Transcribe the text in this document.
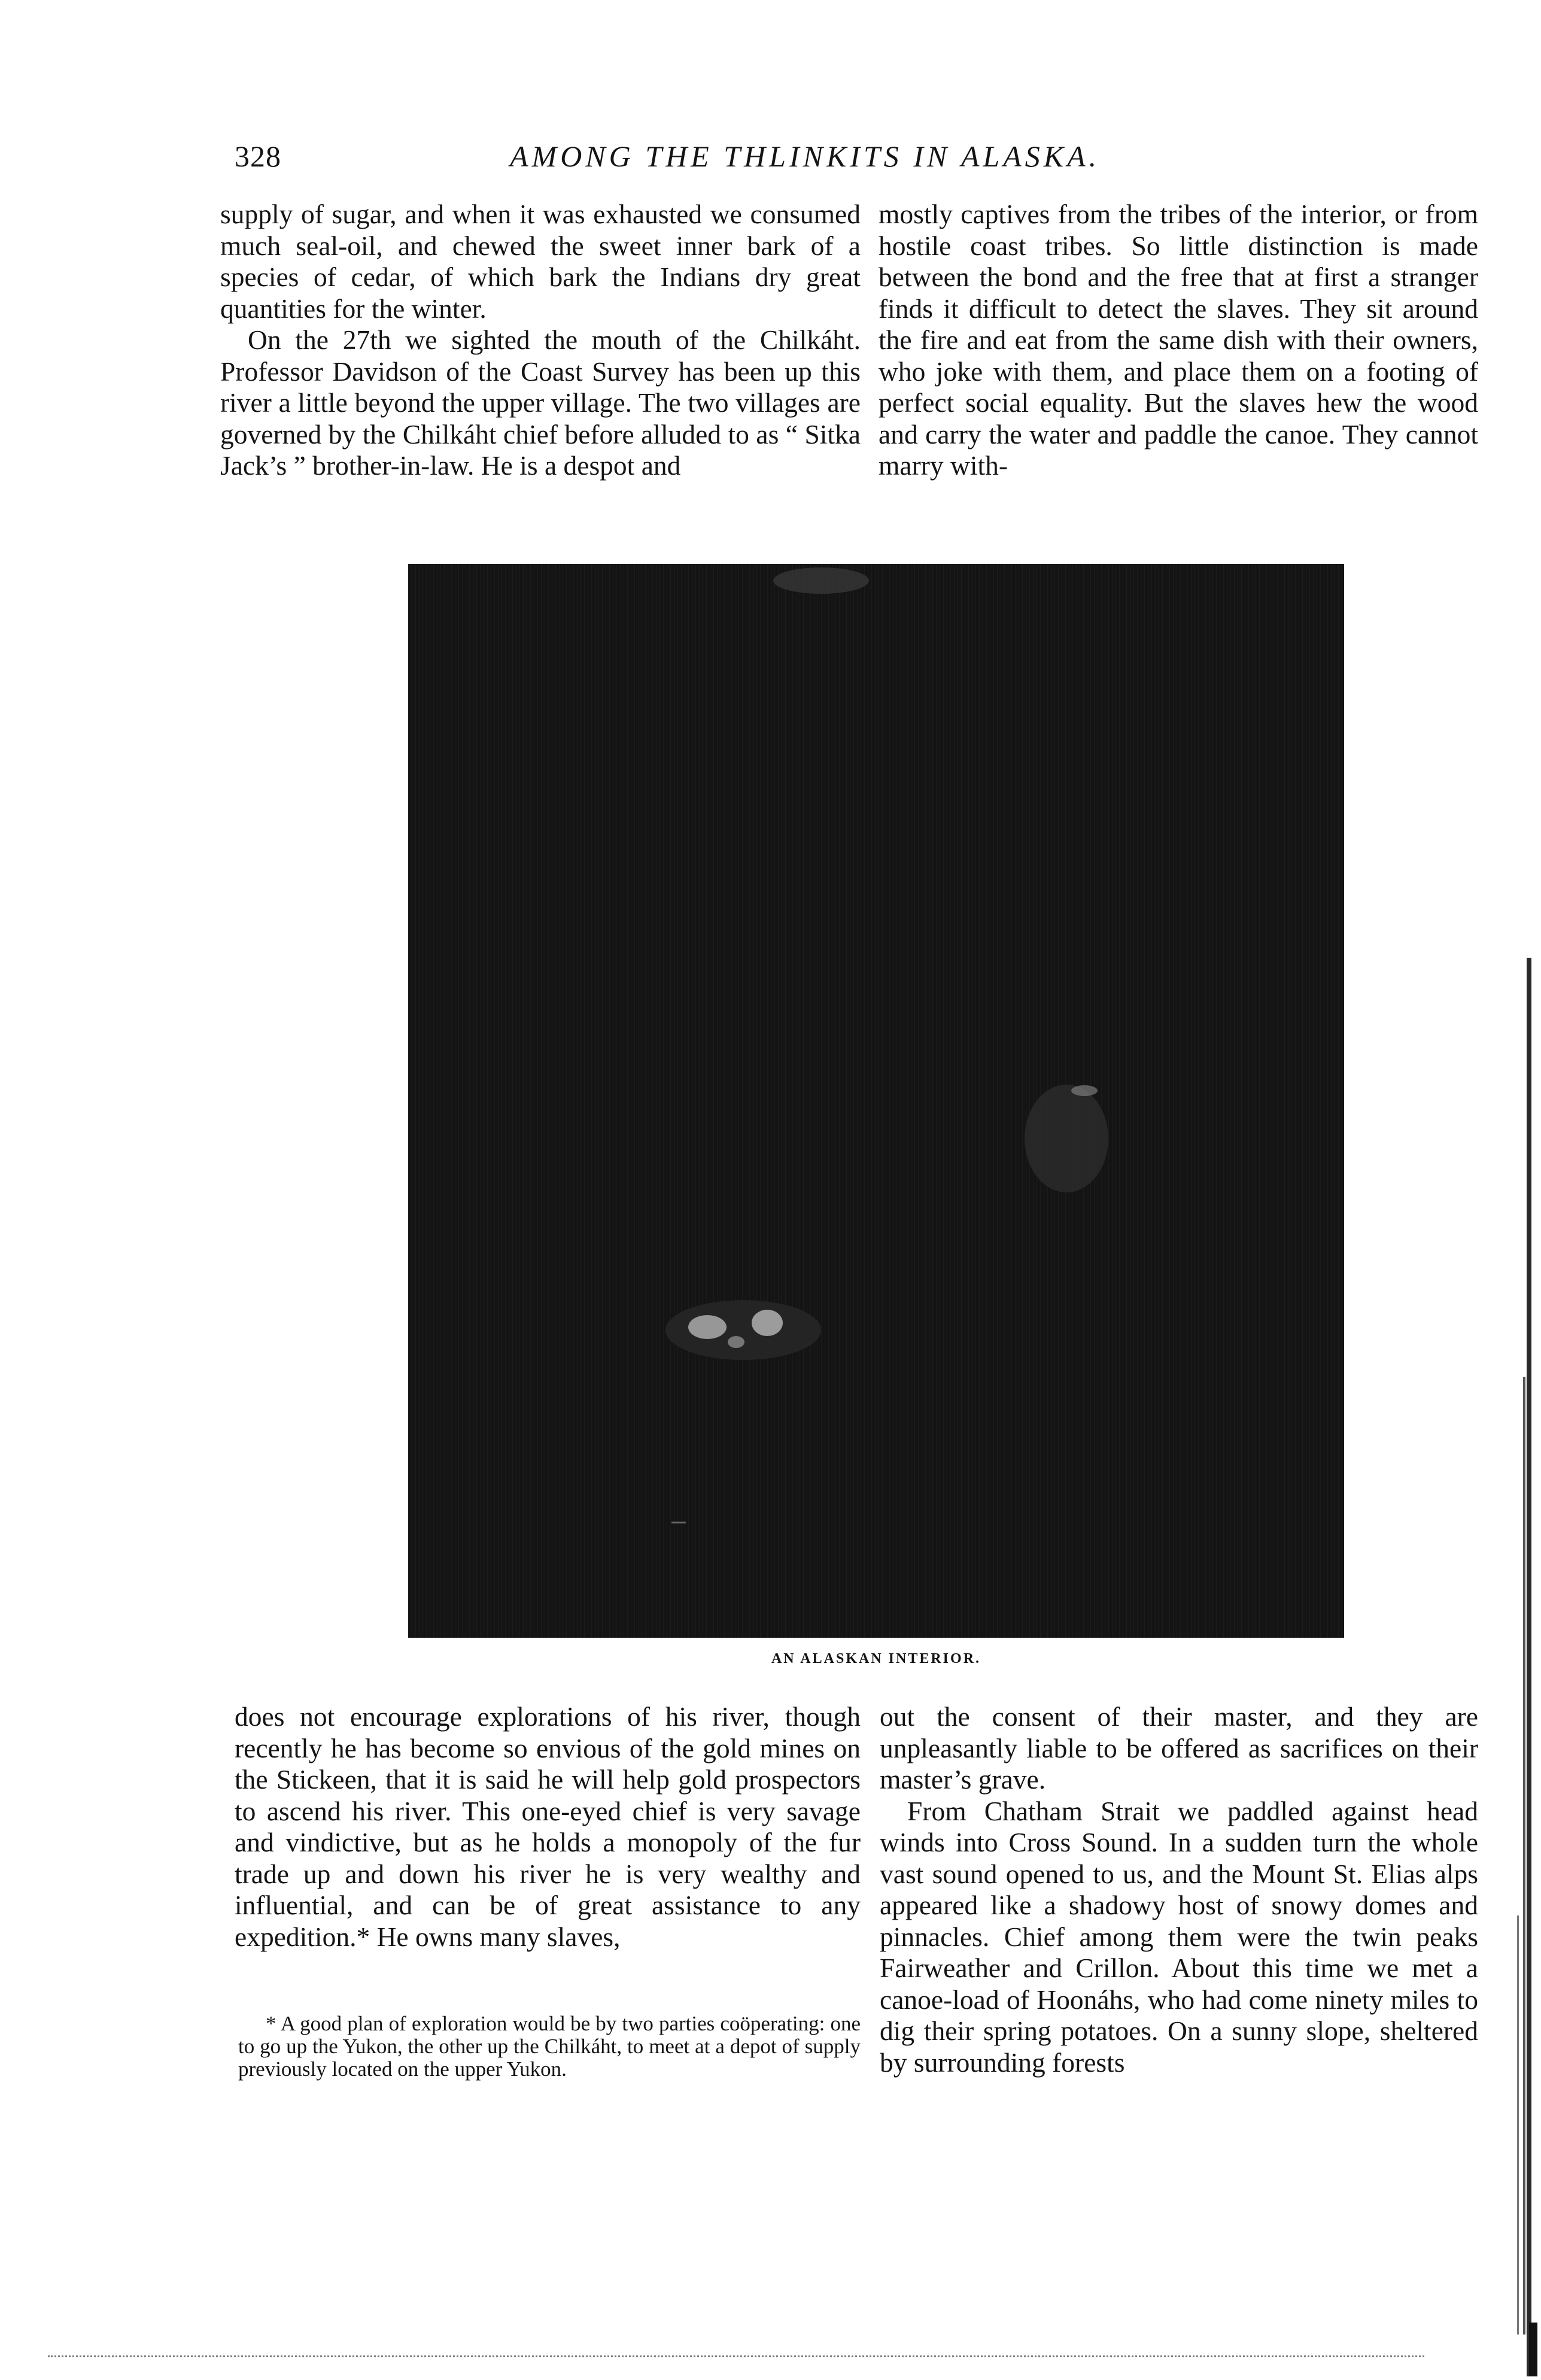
328	AMONG THE THLINKITS IN ALASKA.

supply of sugar, and when it was exhausted we consumed much seal-oil, and chewed the sweet inner bark of a species of cedar, of which bark the Indians dry great quantities for the winter.

On the 27th we sighted the mouth of the Chilkáht. Professor Davidson of the Coast Survey has been up this river a little beyond the upper village. The two villages are governed by the Chilkáht chief before alluded to as “ Sitka Jack’s ” brother-in-law. He is a despot and

mostly captives from the tribes of the interior, or from hostile coast tribes. So little distinction is made between the bond and the free that at first a stranger finds it difficult to detect the slaves. They sit around the fire and eat from the same dish with their owners, who joke with them, and place them on a footing of perfect social equality. But the slaves hew the wood and carry the water and paddle the canoe. They cannot marry with-

AN ALASKAN INTERIOR.

does not encourage explorations of his river, though recently he has become so envious of the gold mines on the Stickeen, that it is said he will help gold prospectors to ascend his river. This one-eyed chief is very savage and vindictive, but as he holds a monopoly of the fur trade up and down his river he is very wealthy and influential, and can be of great assistance to any expedition.* He owns many slaves,

* A good plan of exploration would be by two parties coöperating: one to go up the Yukon, the other up the Chilkáht, to meet at a depot of supply previously located on the upper Yukon.

out the consent of their master, and they are unpleasantly liable to be offered as sacrifices on their master’s grave.

From Chatham Strait we paddled against head winds into Cross Sound. In a sudden turn the whole vast sound opened to us, and the Mount St. Elias alps appeared like a shadowy host of snowy domes and pinnacles. Chief among them were the twin peaks Fairweather and Crillon. About this time we met a canoe-load of Hoonáhs, who had come ninety miles to dig their spring potatoes. On a sunny slope, sheltered by surrounding forests
